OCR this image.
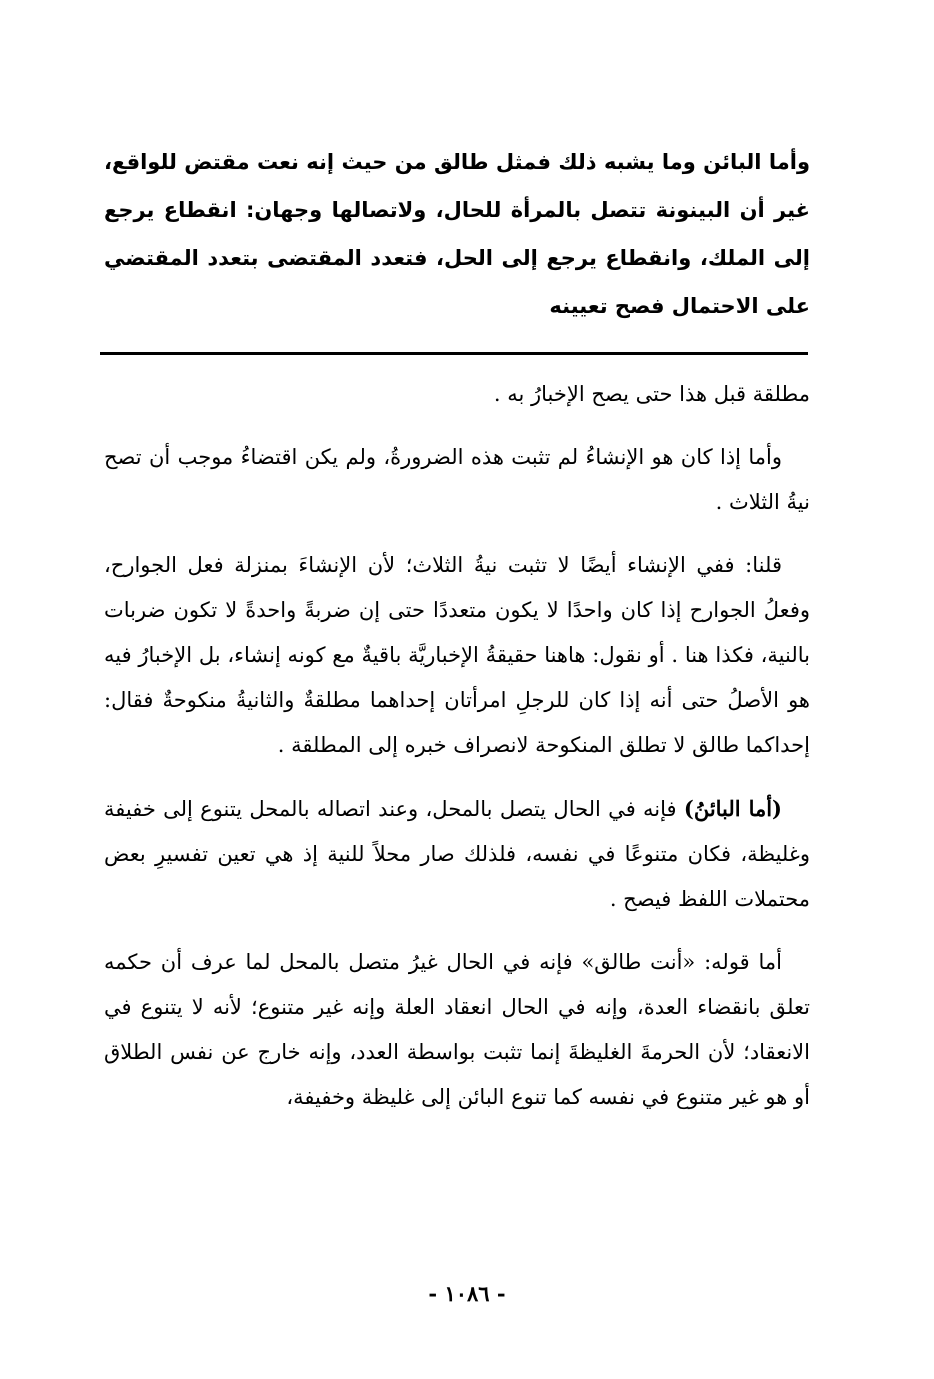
وأما البائن وما يشبه ذلك فمثل طالق من حيث إنه نعت مقتض للواقع، غير أن البينونة تتصل بالمرأة للحال، ولاتصالها وجهان: انقطاع يرجع إلى الملك، وانقطاع يرجع إلى الحل، فتعدد المقتضى بتعدد المقتضي على الاحتمال فصح تعيينه

مطلقة قبل هذا حتى يصح الإخبارُ به .

وأما إذا كان هو الإنشاءُ لم تثبت هذه الضرورةُ، ولم يكن اقتضاءُ موجب أن تصح نيةُ الثلاث .

قلنا: ففي الإنشاء أيضًا لا تثبت نيةُ الثلاث؛ لأن الإنشاءَ بمنزلة فعل الجوارح، وفعلُ الجوارح إذا كان واحدًا لا يكون متعددًا حتى إن ضربةً واحدةً لا تكون ضربات بالنية، فكذا هنا . أو نقول: هاهنا حقيقةُ الإخباريَّة باقيةٌ مع كونه إنشاء، بل الإخبارُ فيه هو الأصلُ حتى أنه إذا كان للرجلِ امرأتان إحداهما مطلقةٌ والثانيةُ منكوحةٌ فقال: إحداكما طالق لا تطلق المنكوحة لانصراف خبره إلى المطلقة .

(أما البائنُ) فإنه في الحال يتصل بالمحل، وعند اتصاله بالمحل يتنوع إلى خفيفة وغليظة، فكان متنوعًا في نفسه، فلذلك صار محلاً للنية إذ هي تعين تفسيرِ بعض محتملات اللفظ فيصح .

أما قوله: «أنت طالق» فإنه في الحال غيرُ متصل بالمحل لما عرف أن حكمه تعلق بانقضاء العدة، وإنه في الحال انعقاد العلة وإنه غير متنوع؛ لأنه لا يتنوع في الانعقاد؛ لأن الحرمةَ الغليظةَ إنما تثبت بواسطة العدد، وإنه خارج عن نفس الطلاق أو هو غير متنوع في نفسه كما تنوع البائن إلى غليظة وخفيفة،

- ١٠٨٦ -
